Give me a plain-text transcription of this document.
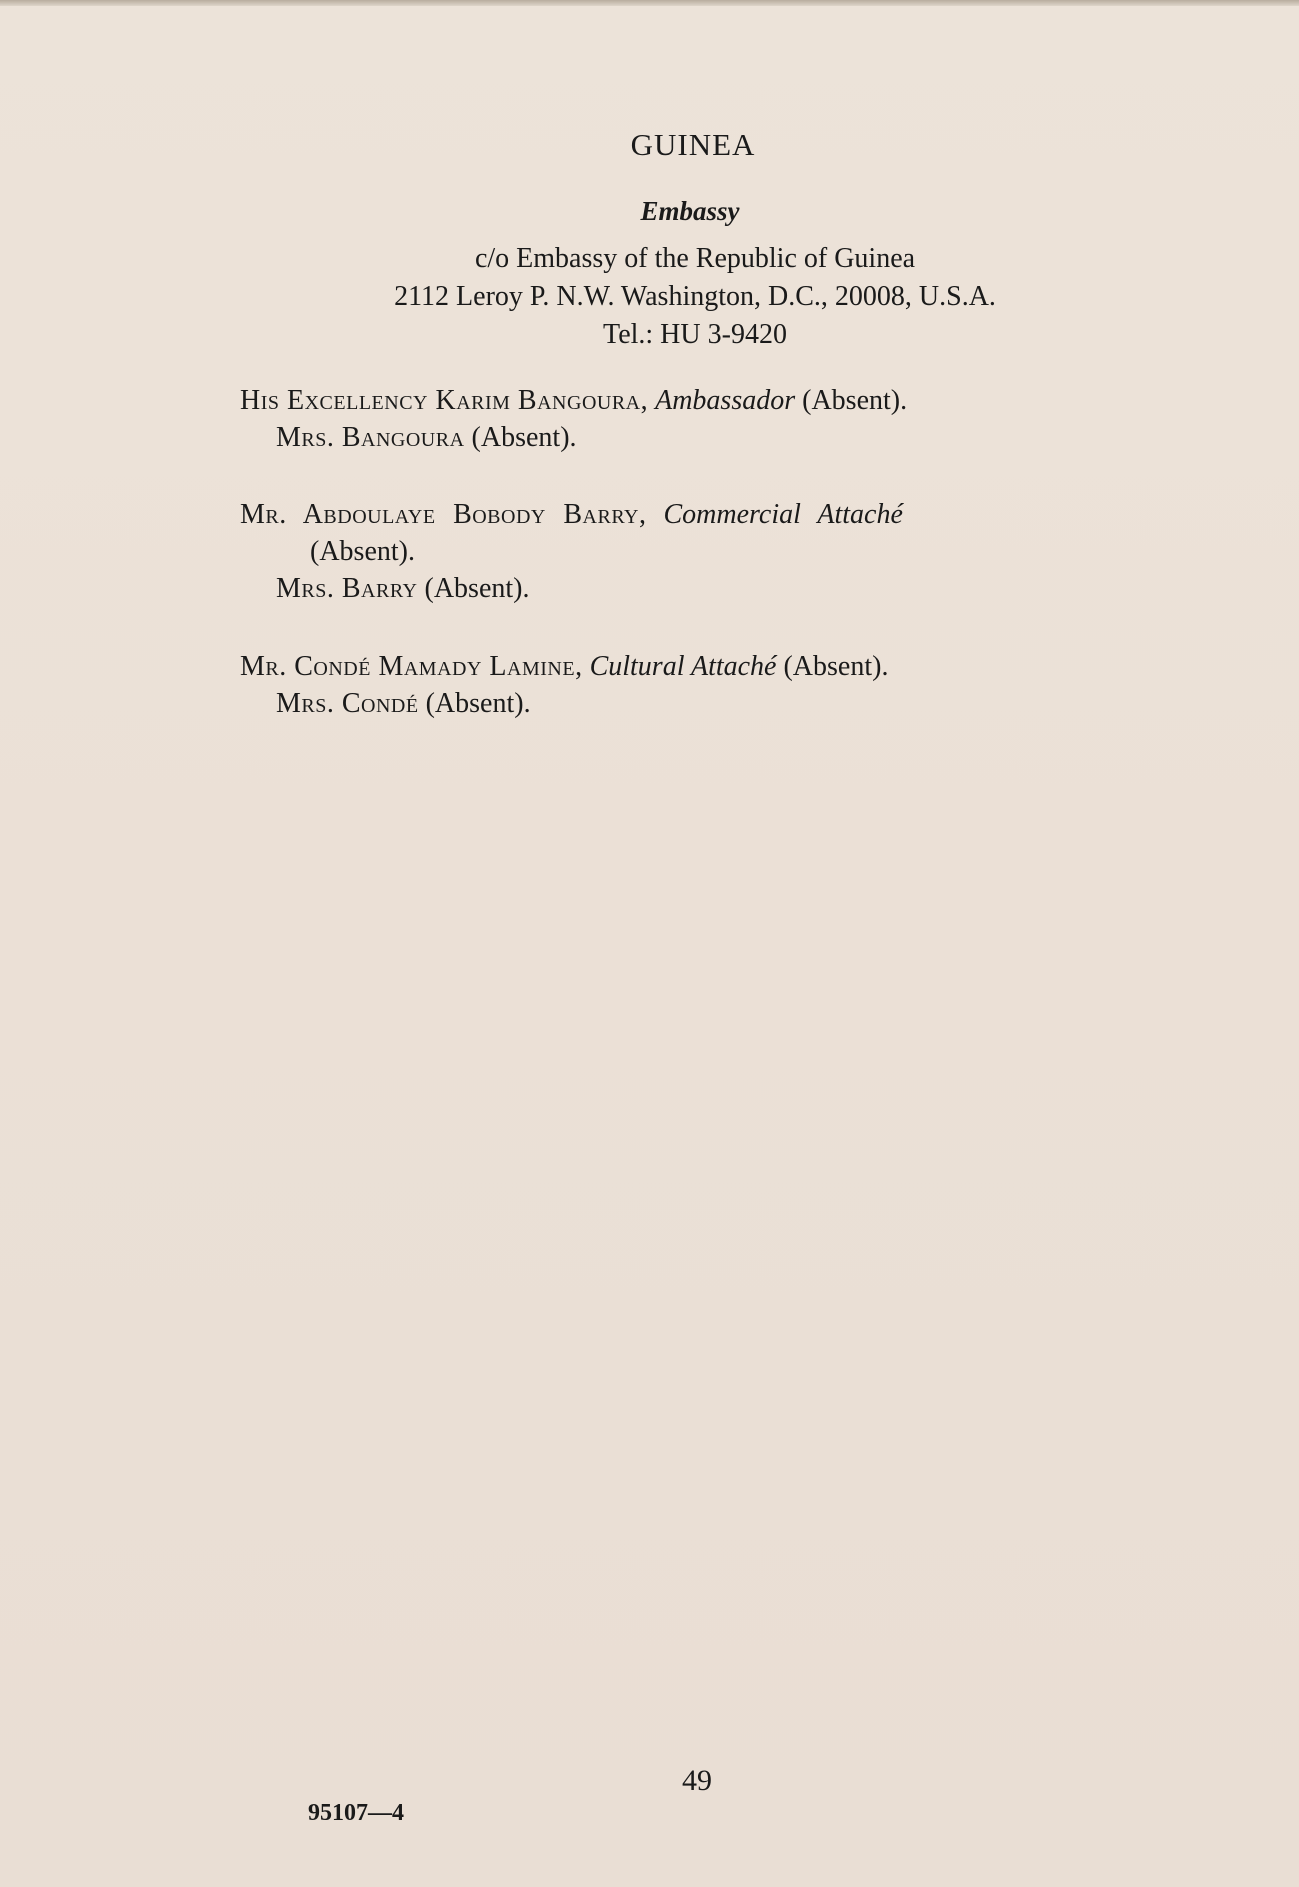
GUINEA
Embassy
c/o Embassy of the Republic of Guinea
2112 Leroy P. N.W. Washington, D.C., 20008, U.S.A.
Tel.: HU 3-9420
His Excellency Karim Bangoura, Ambassador (Absent).
Mrs. Bangoura (Absent).
Mr. Abdoulaye Bobody Barry, Commercial Attaché
(Absent).
Mrs. Barry (Absent).
Mr. Condé Mamady Lamine, Cultural Attaché (Absent).
Mrs. Condé (Absent).
49
95107—4
